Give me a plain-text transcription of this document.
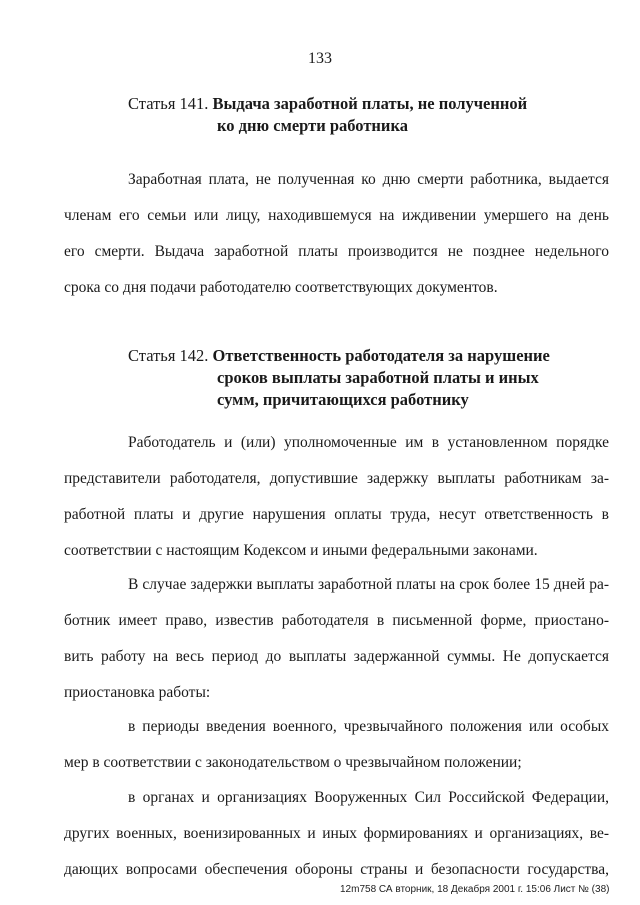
133
Статья 141. Выдача заработной платы, не полученной
ко дню смерти работника
Заработная плата, не полученная ко дню смерти работника, выдается
членам его семьи или лицу, находившемуся на иждивении умершего на день
его смерти. Выдача заработной платы производится не позднее недельного
срока со дня подачи работодателю соответствующих документов.
Статья 142. Ответственность работодателя за нарушение
сроков выплаты заработной платы и иных
сумм, причитающихся работнику
Работодатель и (или) уполномоченные им в установленном порядке
представители работодателя, допустившие задержку выплаты работникам за-
работной платы и другие нарушения оплаты труда, несут ответственность в
соответствии с настоящим Кодексом и иными федеральными законами.
В случае задержки выплаты заработной платы на срок более 15 дней ра-
ботник имеет право, известив работодателя в письменной форме, приостано-
вить работу на весь период до выплаты задержанной суммы. Не допускается
приостановка работы:
в периоды введения военного, чрезвычайного положения или особых
мер в соответствии с законодательством о чрезвычайном положении;
в органах и организациях Вооруженных Сил Российской Федерации,
других военных, военизированных и иных формированиях и организациях, ве-
дающих вопросами обеспечения обороны страны и безопасности государства,
12m758 СА вторник, 18 Декабря 2001 г. 15:06 Лист № (38)
